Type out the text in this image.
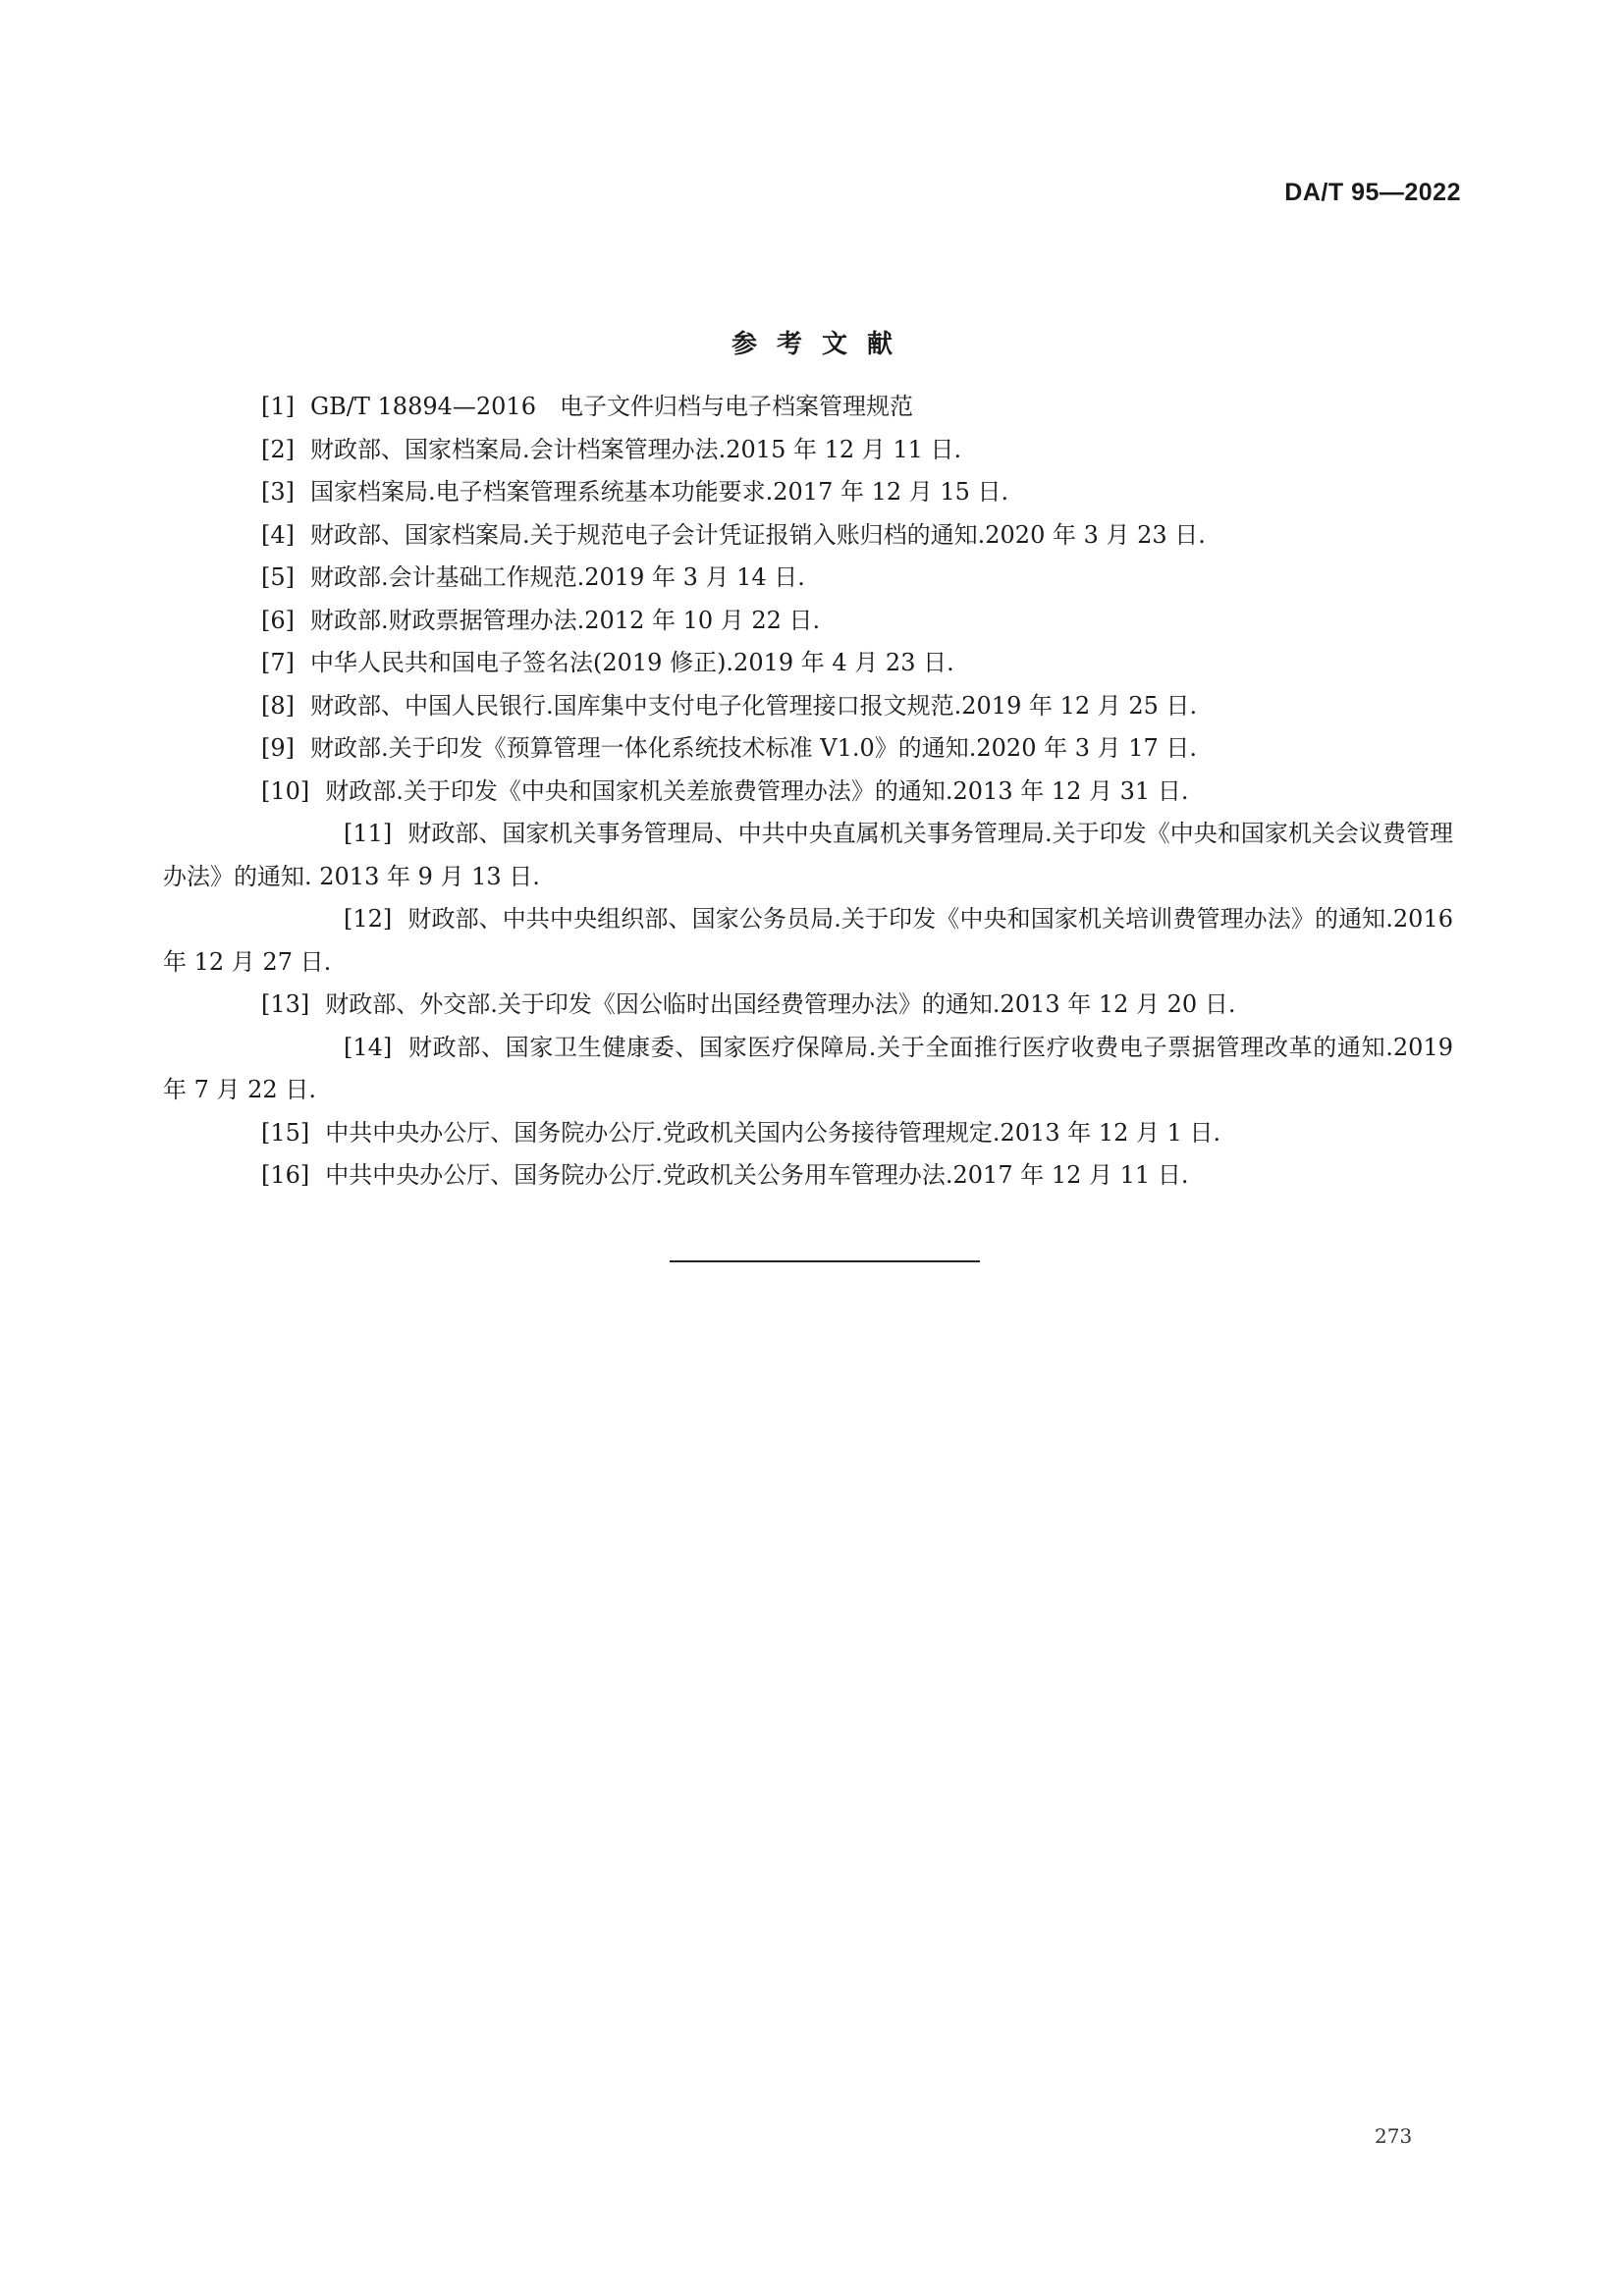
DA/T 95—2022
参考文献
[1] GB/T 18894—2016　电子文件归档与电子档案管理规范
[2] 财政部、国家档案局.会计档案管理办法.2015 年 12 月 11 日.
[3] 国家档案局.电子档案管理系统基本功能要求.2017 年 12 月 15 日.
[4] 财政部、国家档案局.关于规范电子会计凭证报销入账归档的通知.2020 年 3 月 23 日.
[5] 财政部.会计基础工作规范.2019 年 3 月 14 日.
[6] 财政部.财政票据管理办法.2012 年 10 月 22 日.
[7] 中华人民共和国电子签名法(2019 修正).2019 年 4 月 23 日.
[8] 财政部、中国人民银行.国库集中支付电子化管理接口报文规范.2019 年 12 月 25 日.
[9] 财政部.关于印发《预算管理一体化系统技术标准 V1.0》的通知.2020 年 3 月 17 日.
[10] 财政部.关于印发《中央和国家机关差旅费管理办法》的通知.2013 年 12 月 31 日.
[11] 财政部、国家机关事务管理局、中共中央直属机关事务管理局.关于印发《中央和国家机关会议费管理办法》的通知. 2013 年 9 月 13 日.
[12] 财政部、中共中央组织部、国家公务员局.关于印发《中央和国家机关培训费管理办法》的通知.2016 年 12 月 27 日.
[13] 财政部、外交部.关于印发《因公临时出国经费管理办法》的通知.2013 年 12 月 20 日.
[14] 财政部、国家卫生健康委、国家医疗保障局.关于全面推行医疗收费电子票据管理改革的通知.2019 年 7 月 22 日.
[15] 中共中央办公厅、国务院办公厅.党政机关国内公务接待管理规定.2013 年 12 月 1 日.
[16] 中共中央办公厅、国务院办公厅.党政机关公务用车管理办法.2017 年 12 月 11 日.
273
